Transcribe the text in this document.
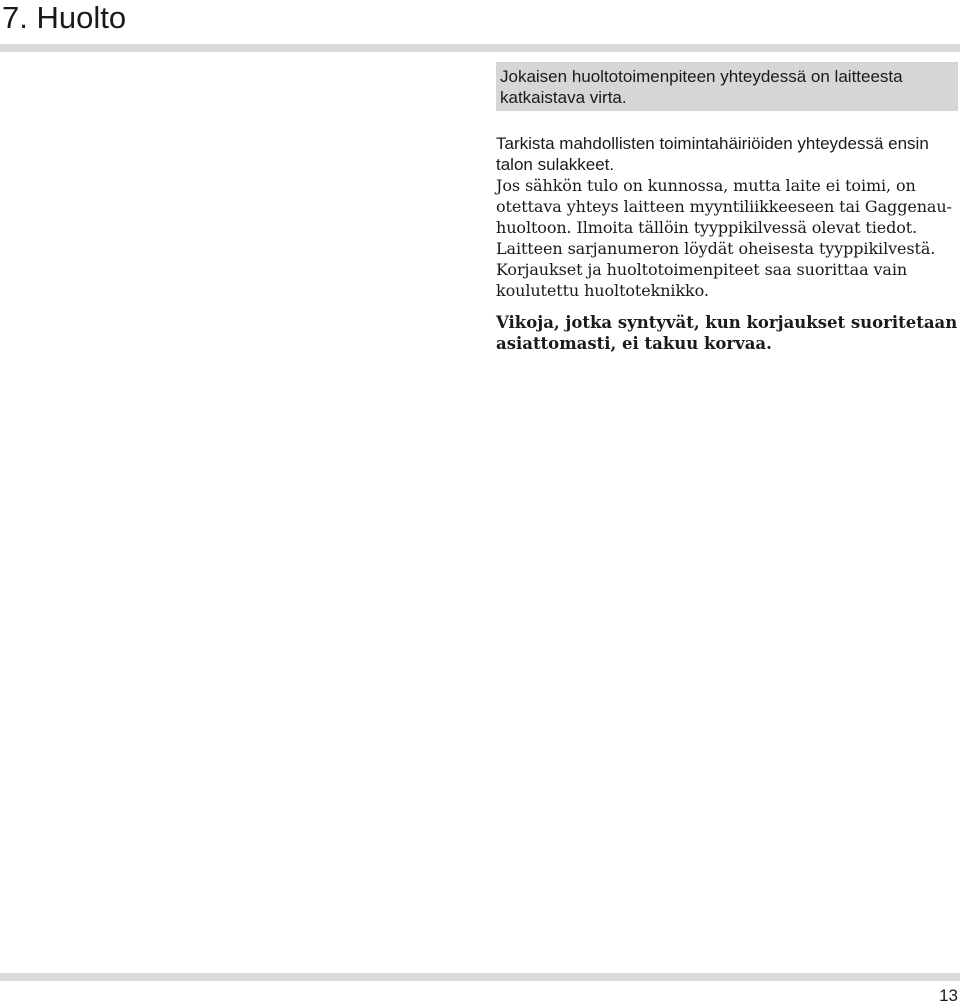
7. Huolto
Jokaisen huoltotoimenpiteen yhteydessä on laitteesta katkaistava virta.

Tarkista mahdollisten toimintahäiriöiden yhteydessä ensin talon sulakkeet.

Jos sähkön tulo on kunnossa, mutta laite ei toimi, on otettava yhteys laitteen myyntiliikkeeseen tai Gaggenau-huoltoon. Ilmoita tällöin tyyppikilvessä olevat tiedot. Laitteen sarjanumeron löydät oheisesta tyyppikilvestä.

Korjaukset ja huoltotoimenpiteet saa suorittaa vain koulutettu huoltoteknikko.

Vikoja, jotka syntyvät, kun korjaukset suoritetaan asiattomasti, ei takuu korvaa.

13
